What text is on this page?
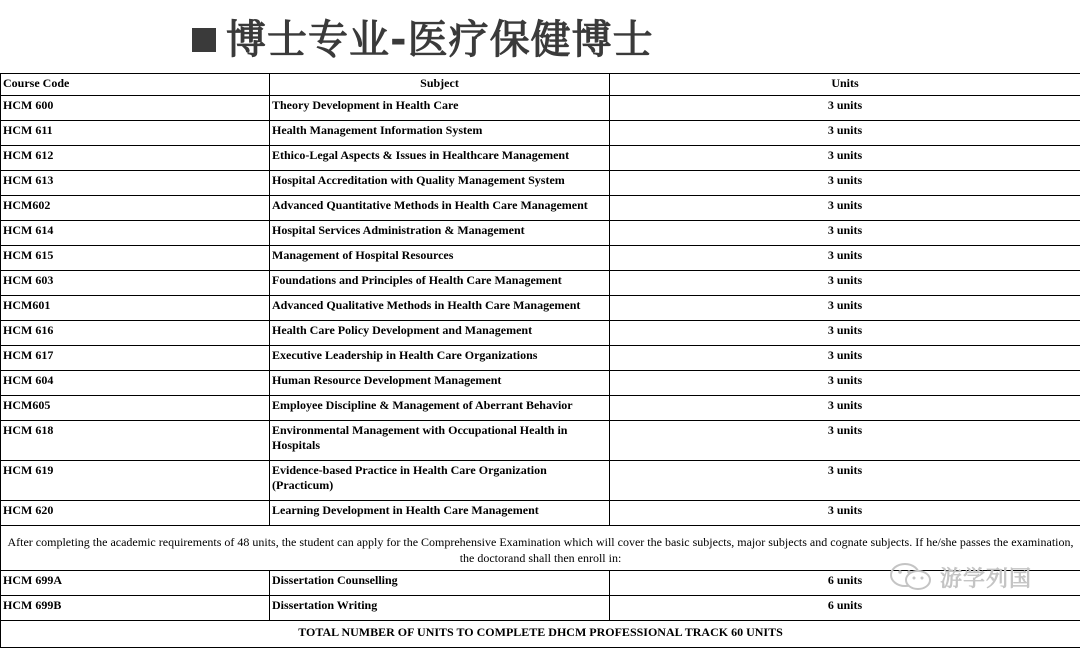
博士专业-医疗保健博士
Course Code	Subject	Units
HCM 600	Theory Development in Health Care	3 units
HCM 611	Health Management Information System	3 units
HCM 612	Ethico-Legal Aspects & Issues in Healthcare Management	3 units
HCM 613	Hospital Accreditation with Quality Management System	3 units
HCM602	Advanced Quantitative Methods in Health Care Management	3 units
HCM 614	Hospital Services Administration & Management	3 units
HCM 615	Management of Hospital Resources	3 units
HCM 603	Foundations and Principles of Health Care Management	3 units
HCM601	Advanced Qualitative Methods in Health Care Management	3 units
HCM 616	Health Care Policy Development and Management	3 units
HCM 617	Executive Leadership in Health Care Organizations	3 units
HCM 604	Human Resource Development Management	3 units
HCM605	Employee Discipline & Management of Aberrant Behavior	3 units
HCM 618	Environmental Management with Occupational Health in Hospitals	3 units
HCM 619	Evidence-based Practice in Health Care Organization (Practicum)	3 units
HCM 620	Learning Development in Health Care Management	3 units
After completing the academic requirements of 48 units, the student can apply for the Comprehensive Examination which will cover the basic subjects, major subjects and cognate subjects. If he/she passes the examination, the doctorand shall then enroll in:		
HCM 699A	Dissertation Counselling	6 units
HCM 699B	Dissertation Writing	6 units
TOTAL NUMBER OF UNITS TO COMPLETE DHCM PROFESSIONAL TRACK 60 UNITS		
游学列国
